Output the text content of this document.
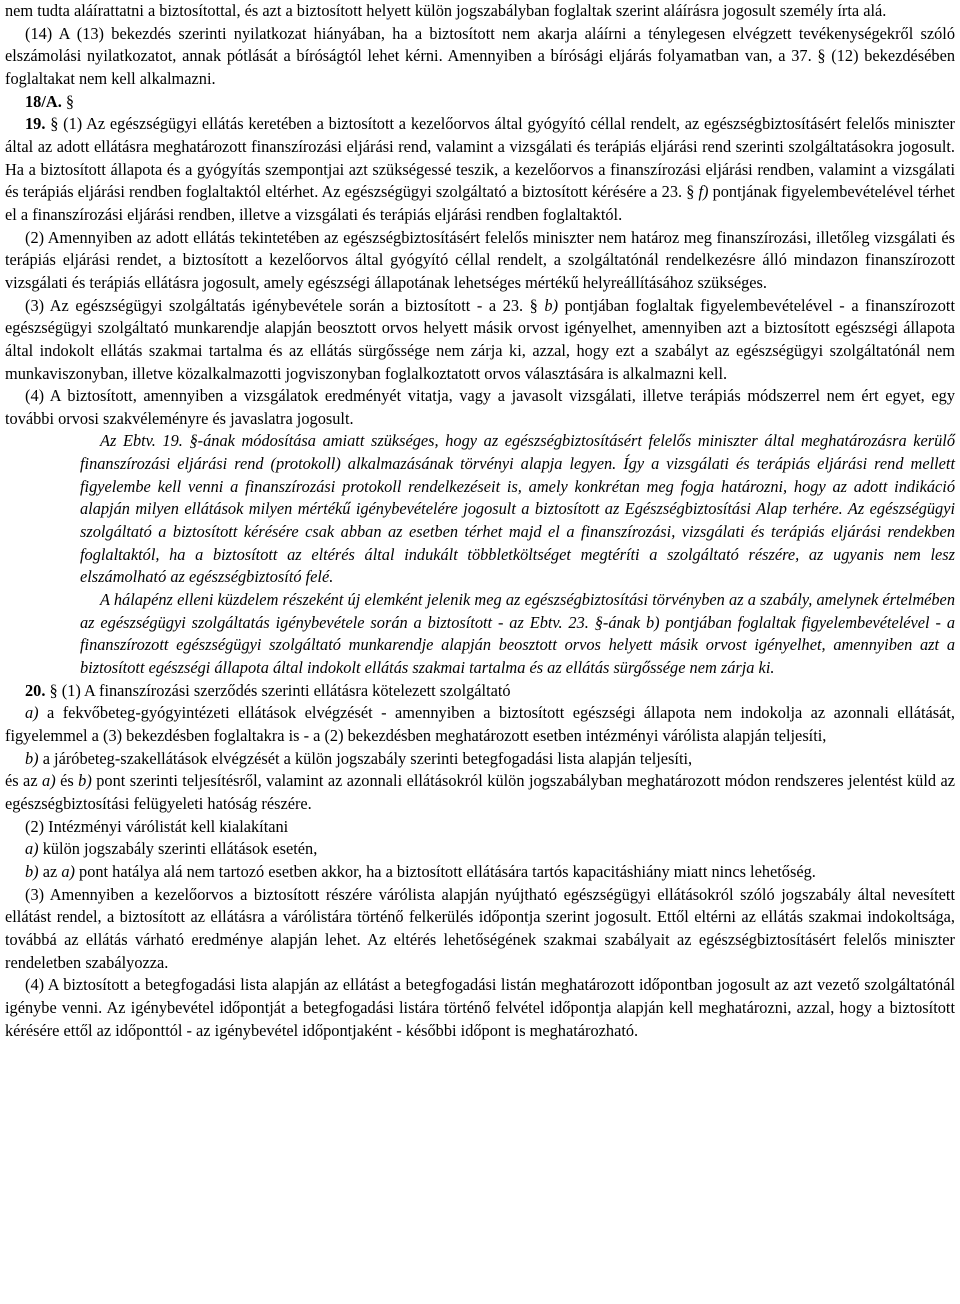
nem tudta aláírattatni a biztosítottal, és azt a biztosított helyett külön jogszabályban foglaltak szerint aláírásra jogosult személy írta alá.

(14) A (13) bekezdés szerinti nyilatkozat hiányában, ha a biztosított nem akarja aláírni a ténylegesen elvégzett tevékenységekről szóló elszámolási nyilatkozatot, annak pótlását a bíróságtól lehet kérni. Amennyiben a bírósági eljárás folyamatban van, a 37. § (12) bekezdésében foglaltakat nem kell alkalmazni.

18/A. §

19. § (1) Az egészségügyi ellátás keretében a biztosított a kezelőorvos által gyógyító céllal rendelt, az egészségbiztosításért felelős miniszter által az adott ellátásra meghatározott finanszírozási eljárási rend, valamint a vizsgálati és terápiás eljárási rend szerinti szolgáltatásokra jogosult. Ha a biztosított állapota és a gyógyítás szempontjai azt szükségessé teszik, a kezelőorvos a finanszírozási eljárási rendben, valamint a vizsgálati és terápiás eljárási rendben foglaltaktól eltérhet. Az egészségügyi szolgáltató a biztosított kérésére a 23. § f) pontjának figyelembevételével térhet el a finanszírozási eljárási rendben, illetve a vizsgálati és terápiás eljárási rendben foglaltaktól.

(2) Amennyiben az adott ellátás tekintetében az egészségbiztosításért felelős miniszter nem határoz meg finanszírozási, illetőleg vizsgálati és terápiás eljárási rendet, a biztosított a kezelőorvos által gyógyító céllal rendelt, a szolgáltatónál rendelkezésre álló mindazon finanszírozott vizsgálati és terápiás ellátásra jogosult, amely egészségi állapotának lehetséges mértékű helyreállításához szükséges.

(3) Az egészségügyi szolgáltatás igénybevétele során a biztosított - a 23. § b) pontjában foglaltak figyelembevételével - a finanszírozott egészségügyi szolgáltató munkarendje alapján beosztott orvos helyett másik orvost igényelhet, amennyiben azt a biztosított egészségi állapota által indokolt ellátás szakmai tartalma és az ellátás sürgőssége nem zárja ki, azzal, hogy ezt a szabályt az egészségügyi szolgáltatónál nem munkaviszonyban, illetve közalkalmazotti jogviszonyban foglalkoztatott orvos választására is alkalmazni kell.

(4) A biztosított, amennyiben a vizsgálatok eredményét vitatja, vagy a javasolt vizsgálati, illetve terápiás módszerrel nem ért egyet, egy további orvosi szakvéleményre és javaslatra jogosult.

Az Ebtv. 19. §-ának módosítása amiatt szükséges, hogy az egészségbiztosításért felelős miniszter által meghatározásra kerülő finanszírozási eljárási rend (protokoll) alkalmazásának törvényi alapja legyen. Így a vizsgálati és terápiás eljárási rend mellett figyelembe kell venni a finanszírozási protokoll rendelkezéseit is, amely konkrétan meg fogja határozni, hogy az adott indikáció alapján milyen ellátások milyen mértékű igénybevételére jogosult a biztosított az Egészségbiztosítási Alap terhére. Az egészségügyi szolgáltató a biztosított kérésére csak abban az esetben térhet majd el a finanszírozási, vizsgálati és terápiás eljárási rendekben foglaltaktól, ha a biztosított az eltérés által indukált többletköltséget megtéríti a szolgáltató részére, az ugyanis nem lesz elszámolható az egészségbiztosító felé.

A hálapénz elleni küzdelem részeként új elemként jelenik meg az egészségbiztosítási törvényben az a szabály, amelynek értelmében az egészségügyi szolgáltatás igénybevétele során a biztosított - az Ebtv. 23. §-ának b) pontjában foglaltak figyelembevételével - a finanszírozott egészségügyi szolgáltató munkarendje alapján beosztott orvos helyett másik orvost igényelhet, amennyiben azt a biztosított egészségi állapota által indokolt ellátás szakmai tartalma és az ellátás sürgőssége nem zárja ki.

20. § (1) A finanszírozási szerződés szerinti ellátásra kötelezett szolgáltató

a) a fekvőbeteg-gyógyintézeti ellátások elvégzését - amennyiben a biztosított egészségi állapota nem indokolja az azonnali ellátását, figyelemmel a (3) bekezdésben foglaltakra is - a (2) bekezdésben meghatározott esetben intézményi várólista alapján teljesíti,

b) a járóbeteg-szakellátások elvégzését a külön jogszabály szerinti betegfogadási lista alapján teljesíti,

és az a) és b) pont szerinti teljesítésről, valamint az azonnali ellátásokról külön jogszabályban meghatározott módon rendszeres jelentést küld az egészségbiztosítási felügyeleti hatóság részére.

(2) Intézményi várólistát kell kialakítani

a) külön jogszabály szerinti ellátások esetén,

b) az a) pont hatálya alá nem tartozó esetben akkor, ha a biztosított ellátására tartós kapacitáshiány miatt nincs lehetőség.

(3) Amennyiben a kezelőorvos a biztosított részére várólista alapján nyújtható egészségügyi ellátásokról szóló jogszabály által nevesített ellátást rendel, a biztosított az ellátásra a várólistára történő felkerülés időpontja szerint jogosult. Ettől eltérni az ellátás szakmai indokoltsága, továbbá az ellátás várható eredménye alapján lehet. Az eltérés lehetőségének szakmai szabályait az egészségbiztosításért felelős miniszter rendeletben szabályozza.

(4) A biztosított a betegfogadási lista alapján az ellátást a betegfogadási listán meghatározott időpontban jogosult az azt vezető szolgáltatónál igénybe venni. Az igénybevétel időpontját a betegfogadási listára történő felvétel időpontja alapján kell meghatározni, azzal, hogy a biztosított kérésére ettől az időponttól - az igénybevétel időpontjaként - későbbi időpont is meghatározható.
